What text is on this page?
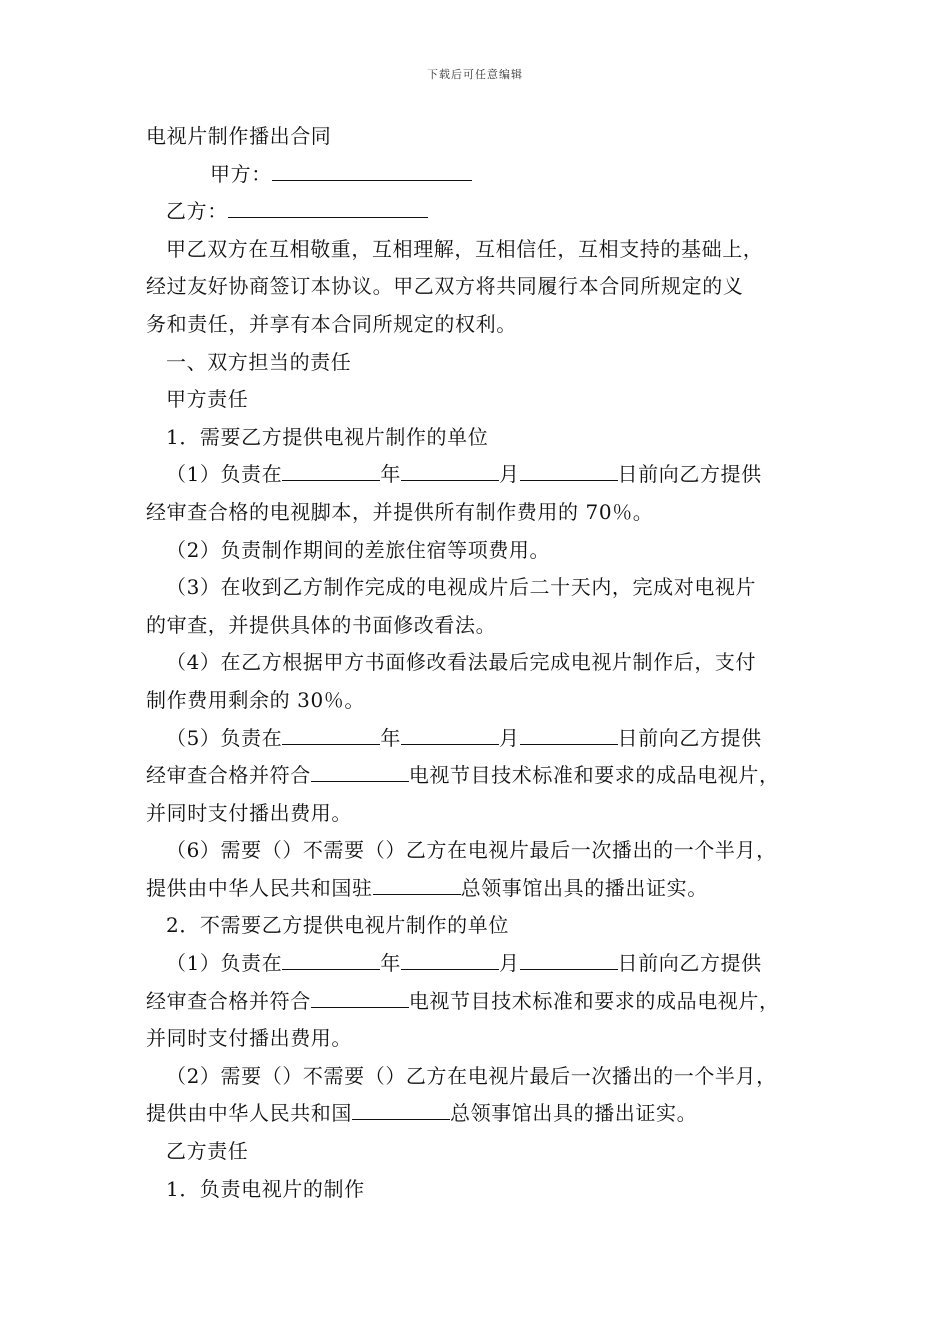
下载后可任意编辑
电视片制作播出合同
甲方：
乙方：
甲乙双方在互相敬重，互相理解，互相信任，互相支持的基础上，
经过友好协商签订本协议。甲乙双方将共同履行本合同所规定的义
务和责任，并享有本合同所规定的权利。
一、双方担当的责任
甲方责任
1．需要乙方提供电视片制作的单位
（1）负责在	年	月	日前向乙方提供
经审查合格的电视脚本，并提供所有制作费用的 70％。
（2）负责制作期间的差旅住宿等项费用。
（3）在收到乙方制作完成的电视成片后二十天内，完成对电视片
的审查，并提供具体的书面修改看法。
（4）在乙方根据甲方书面修改看法最后完成电视片制作后，支付
制作费用剩余的 30％。
（5）负责在	年	月	日前向乙方提供
经审查合格并符合	电视节目技术标准和要求的成品电视片，
并同时支付播出费用。
（6）需要（）不需要（）乙方在电视片最后一次播出的一个半月，
提供由中华人民共和国驻	总领事馆出具的播出证实。
2．不需要乙方提供电视片制作的单位
（1）负责在	年	月	日前向乙方提供
经审查合格并符合	电视节目技术标准和要求的成品电视片，
并同时支付播出费用。
（2）需要（）不需要（）乙方在电视片最后一次播出的一个半月，
提供由中华人民共和国	总领事馆出具的播出证实。
乙方责任
1．负责电视片的制作
